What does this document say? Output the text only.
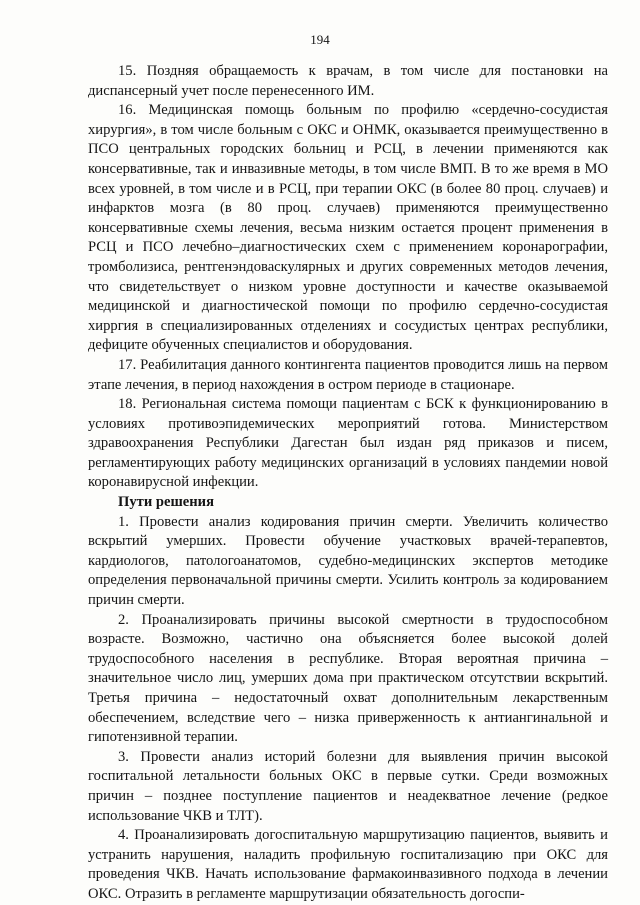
194

15. Поздняя обращаемость к врачам, в том числе для постановки на диспансерный учет после перенесенного ИМ.

16. Медицинская помощь больным по профилю «сердечно-сосудистая хирургия», в том числе больным с ОКС и ОНМК, оказывается преимущественно в ПСО центральных городских больниц и РСЦ, в лечении применяются как консервативные, так и инвазивные методы, в том числе ВМП. В то же время в МО всех уровней, в том числе и в РСЦ, при терапии ОКС (в более 80 проц. случаев) и инфарктов мозга (в 80 проц. случаев) применяются преимущественно консервативные схемы лечения, весьма низким остается процент применения в РСЦ и ПСО лечебно–диагностических схем с применением коронарографии, тромболизиса, рентгенэндоваскулярных и других современных методов лечения, что свидетельствует о низком уровне доступности и качестве оказываемой медицинской и диагностической помощи по профилю сердечно-сосудистая хирргия в специализированных отделениях и сосудистых центрах республики, дефиците обученных специалистов и оборудования.

17. Реабилитация данного контингента пациентов проводится лишь на первом этапе лечения, в период нахождения в остром периоде в стационаре.

18. Региональная система помощи пациентам с БСК к функционированию в условиях противоэпидемических мероприятий готова. Министерством здравоохранения Республики Дагестан был издан ряд приказов и писем, регламентирующих работу медицинских организаций в условиях пандемии новой коронавирусной инфекции.

Пути решения

1. Провести анализ кодирования причин смерти. Увеличить количество вскрытий умерших. Провести обучение участковых врачей-терапевтов, кардиологов, патологоанатомов, судебно-медицинских экспертов методике определения первоначальной причины смерти. Усилить контроль за кодированием причин смерти.

2. Проанализировать причины высокой смертности в трудоспособном возрасте. Возможно, частично она объясняется более высокой долей трудоспособного населения в республике. Вторая вероятная причина – значительное число лиц, умерших дома при практическом отсутствии вскрытий. Третья причина – недостаточный охват дополнительным лекарственным обеспечением, вследствие чего – низка приверженность к антиангинальной и гипотензивной терапии.

3. Провести анализ историй болезни для выявления причин высокой госпитальной летальности больных ОКС в первые сутки. Среди возможных причин – позднее поступление пациентов и неадекватное лечение (редкое использование ЧКВ и ТЛТ).

4. Проанализировать догоспитальную маршрутизацию пациентов, выявить и устранить нарушения, наладить профильную госпитализацию при ОКС для проведения ЧКВ. Начать использование фармакоинвазивного подхода в лечении ОКС. Отразить в регламенте маршрутизации обязательность догоспи-
